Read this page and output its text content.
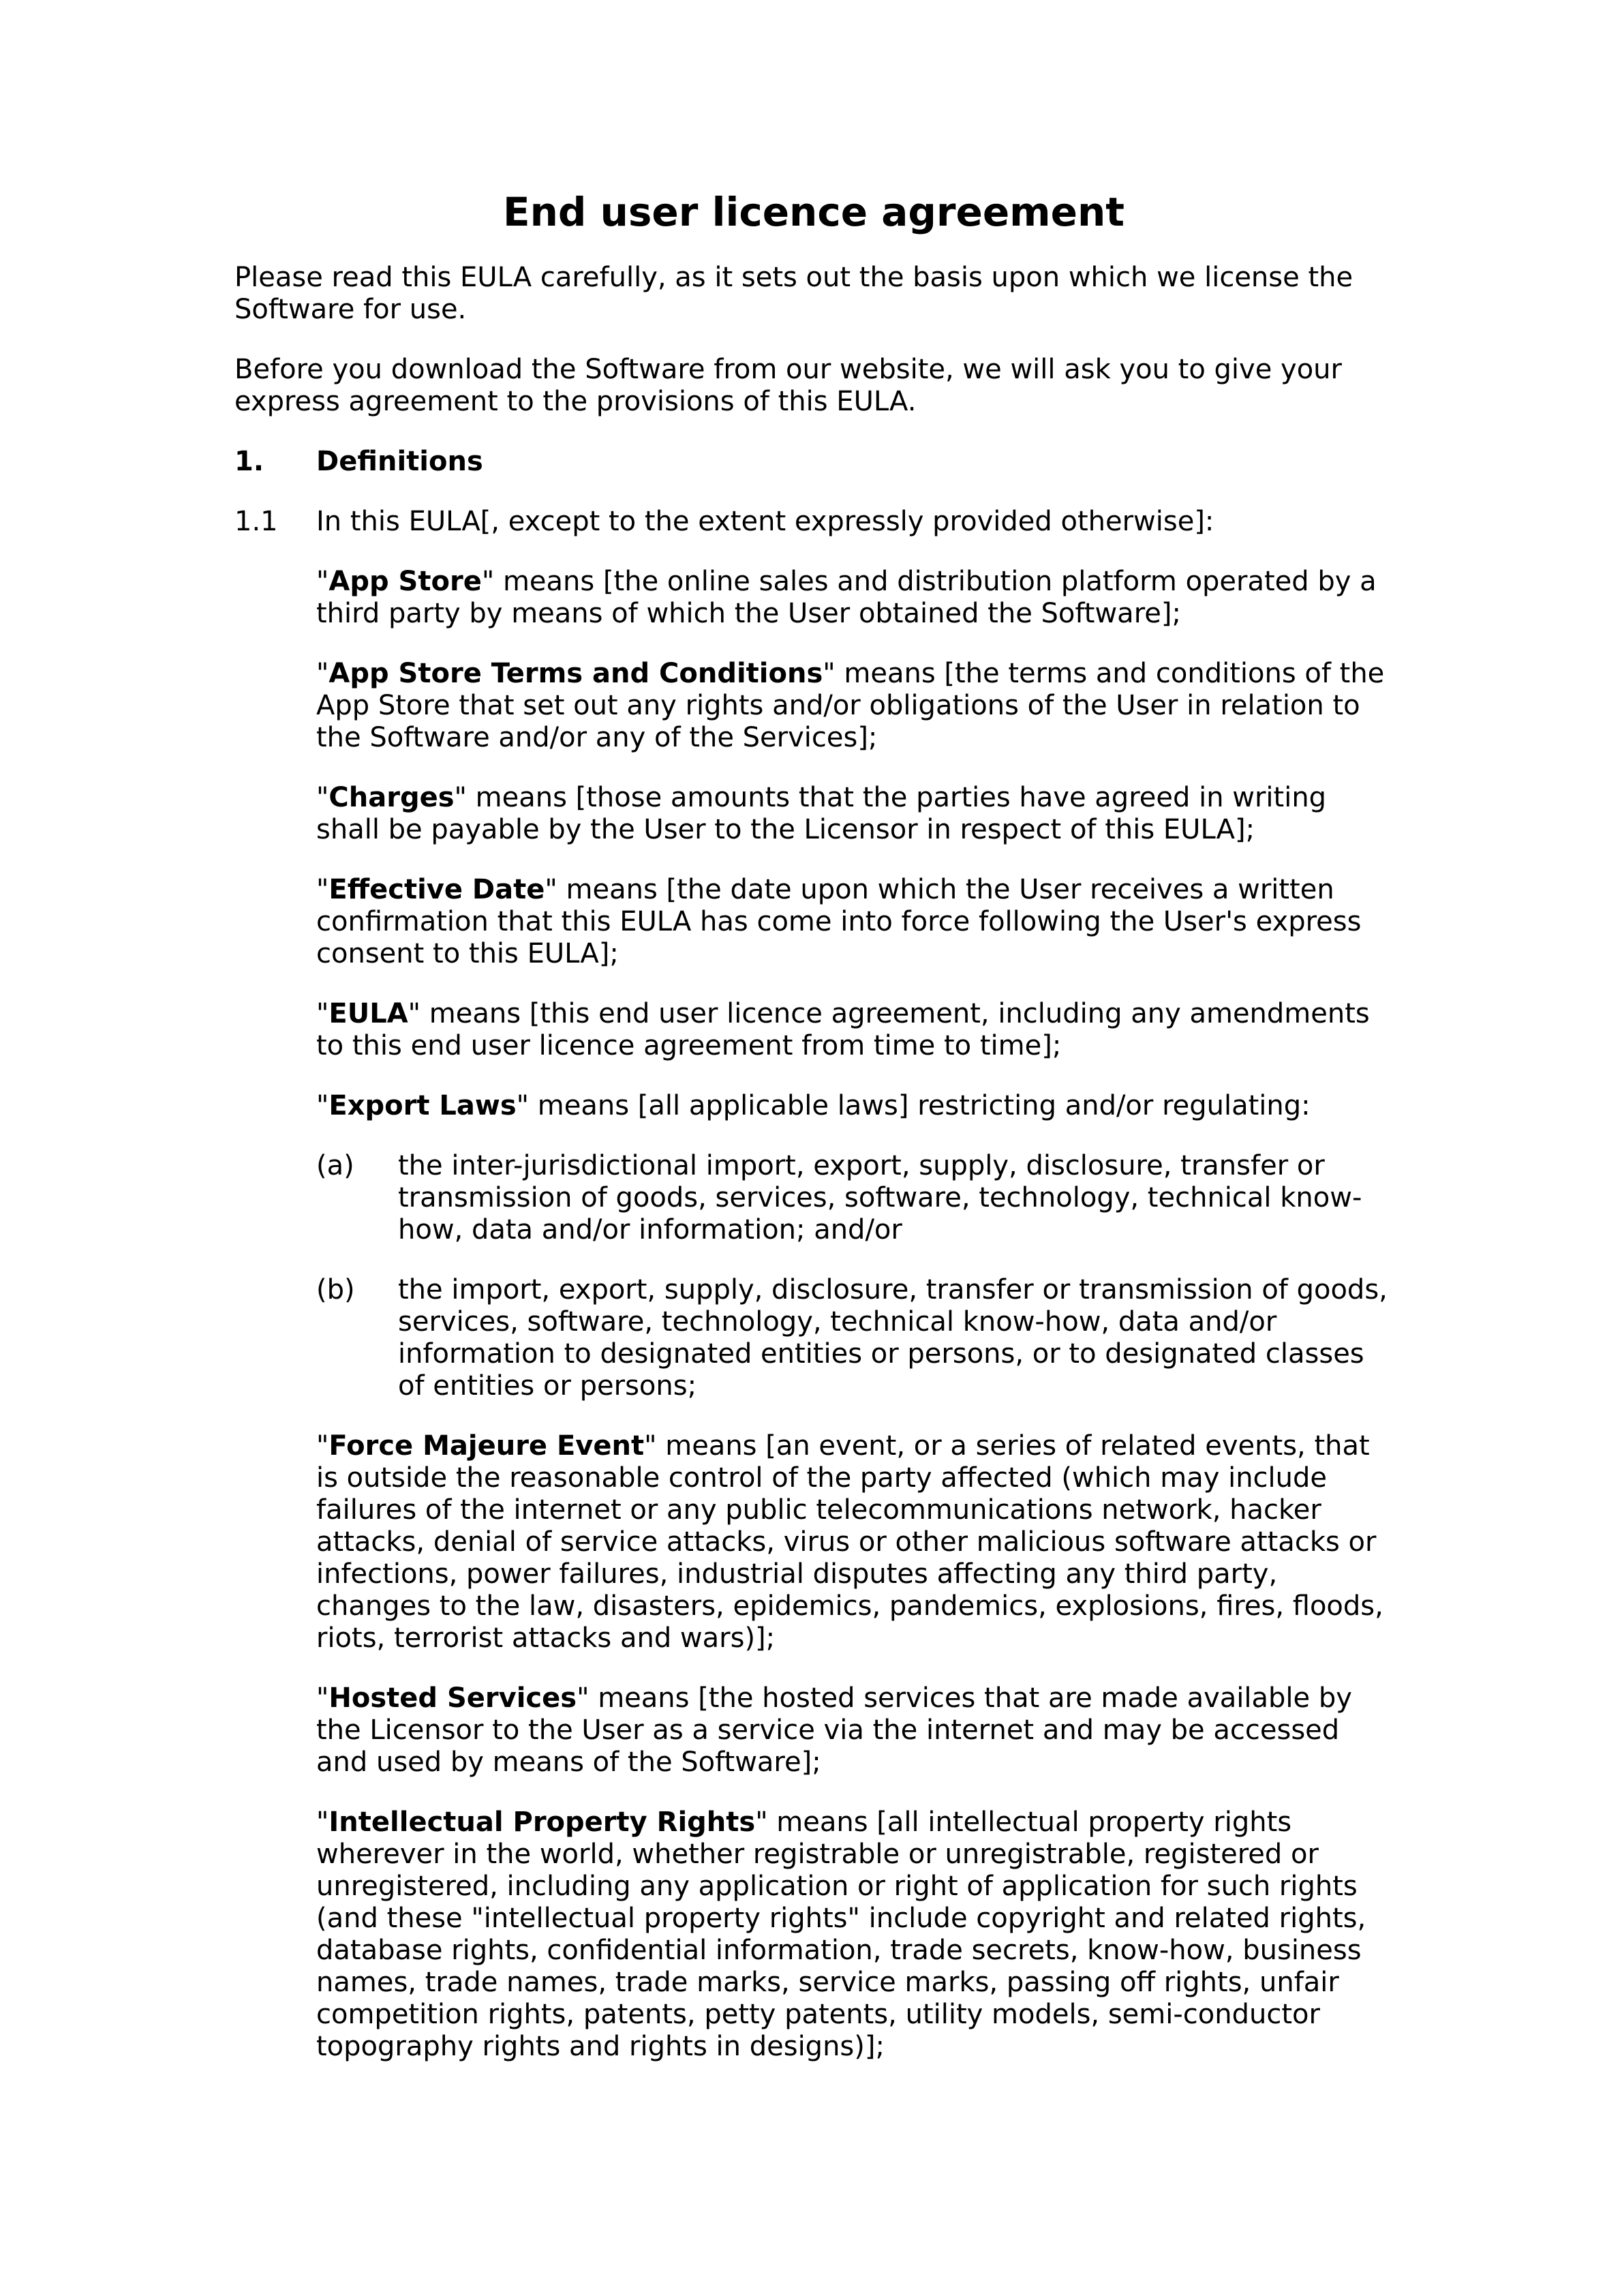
End user licence agreement

Please read this EULA carefully, as it sets out the basis upon which we license the Software for use.

Before you download the Software from our website, we will ask you to give your express agreement to the provisions of this EULA.

1.	Definitions
1.1	In this EULA[, except to the extent expressly provided otherwise]:

"App Store" means [the online sales and distribution platform operated by a third party by means of which the User obtained the Software];

"App Store Terms and Conditions" means [the terms and conditions of the App Store that set out any rights and/or obligations of the User in relation to the Software and/or any of the Services];

"Charges" means [those amounts that the parties have agreed in writing shall be payable by the User to the Licensor in respect of this EULA];

"Effective Date" means [the date upon which the User receives a written confirmation that this EULA has come into force following the User's express consent to this EULA];

"EULA" means [this end user licence agreement, including any amendments to this end user licence agreement from time to time];

"Export Laws" means [all applicable laws] restricting and/or regulating:

(a)	the inter-jurisdictional import, export, supply, disclosure, transfer or transmission of goods, services, software, technology, technical know-how, data and/or information; and/or
(b)	the import, export, supply, disclosure, transfer or transmission of goods, services, software, technology, technical know-how, data and/or information to designated entities or persons, or to designated classes of entities or persons;

"Force Majeure Event" means [an event, or a series of related events, that is outside the reasonable control of the party affected (which may include failures of the internet or any public telecommunications network, hacker attacks, denial of service attacks, virus or other malicious software attacks or infections, power failures, industrial disputes affecting any third party, changes to the law, disasters, epidemics, pandemics, explosions, fires, floods, riots, terrorist attacks and wars)];

"Hosted Services" means [the hosted services that are made available by the Licensor to the User as a service via the internet and may be accessed and used by means of the Software];

"Intellectual Property Rights" means [all intellectual property rights wherever in the world, whether registrable or unregistrable, registered or unregistered, including any application or right of application for such rights (and these "intellectual property rights" include copyright and related rights, database rights, confidential information, trade secrets, know-how, business names, trade names, trade marks, service marks, passing off rights, unfair competition rights, patents, petty patents, utility models, semi-conductor topography rights and rights in designs)];
